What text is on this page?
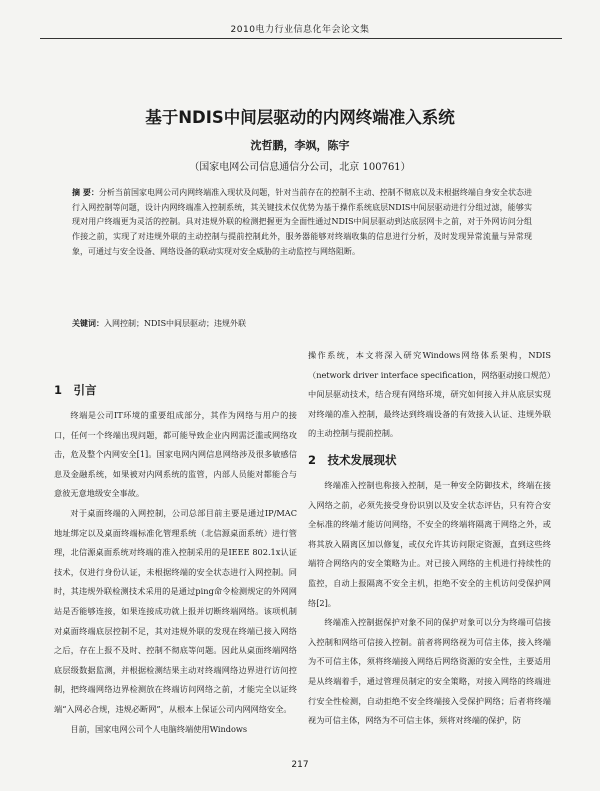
2010电力行业信息化年会论文集
基于NDIS中间层驱动的内网终端准入系统
沈哲鹏，李飒，陈宇
（国家电网公司信息通信分公司，北京 100761）
摘 要：分析当前国家电网公司内网终端准入现状及问题，针对当前存在的控制不主动、控制不彻底以及未根据终端自身安全状态进行入网控制等问题，设计内网终端准入控制系统，其关键技术仅优势为基于操作系统底层NDIS中间层驱动进行分组过滤，能够实现对用户终端更为灵活的控制。具对违规外联的检测把握更为全面性通过NDIS中间层驱动到达底层网卡之前，对于外网访问分组作接之前，实现了对违规外联的主动控制与提前控制此外，服务器能够对终端收集的信息进行分析，及时发现异常流量与异常现象，可通过与安全设备、网络设备的联动实现对安全威胁的主动监控与网络阻断。
关键词：入网控制；NDIS中间层驱动；违规外联
1　引言

终端是公司IT环境的重要组成部分，其作为网络与用户的接口，任何一个终端出现问题，都可能导致企业内网需泛滥或网络攻击，危及整个内网安全[1]。国家电网内网信息网络涉及很多敏感信息及金融系统，如果被对内网系统的监管，内部人员能对都能合与意彼无意地级安全事故。

对于桌面终端的入网控制，公司总部目前主要是通过IP/MAC地址绑定以及桌面终端标准化管理系统（北信源桌面系统）进行管理，北信源桌面系统对终端的准入控制采用的是IEEE 802.1x认证技术，仅进行身份认证，未根据终端的安全状态进行入网控制。同时，其违规外联检测技术采用的是通过ping命令检测规定的外网网站是否能够连接，如果连接成功就上报并切断终端网络。该项机制对桌面终端底层控制不足，其对违规外联的发现在终端已接入网络之后，存在上报不及时、控制不彻底等问题。因此从桌面终端网络底层级数据监测，并根据检测结果主动对终端网络边界进行访问控制，把终端网络边界检测放在终端访问网络之前，才能完全以证终端“入网必合规，违规必断网”，从根本上保证公司内网网络安全。

目前，国家电网公司个人电脑终端使用Windows

操作系统，本文将深入研究Windows网络体系架构，NDIS（network driver interface specification，网络驱动接口规范）中间层驱动技术，结合现有网络环境，研究如何接入并从底层实现对终端的准入控制，最终达到终端设备的有效接入认证、违规外联的主动控制与提前控制。

2　技术发展现状

终端准入控制也称接入控制，是一种安全防御技术，终端在接入网络之前，必须先接受身份识别以及安全状态评估，只有符合安全标准的终端才能访问网络，不安全的终端将隔离于网络之外，或将其放入隔离区加以修复，或仅允许其访问限定资源，直到这些终端符合网络内的安全策略为止。对已接入网络的主机进行持续性的监控，自动上报隔离不安全主机，拒绝不安全的主机访问受保护网络[2]。

终端准入控制据保护对象不同的保护对象可以分为终端可信接入控制和网络可信接入控制。前者将网络视为可信主体，接入终端为不可信主体，须将终端接入网络后网络资源的安全性，主要适用是从终端着手，通过管理员制定的安全策略，对接入网络的终端进行安全性检测，自动拒绝不安全终端接入受保护网络；后者将终端视为可信主体，网络为不可信主体，须将对终端的保护，防

217
